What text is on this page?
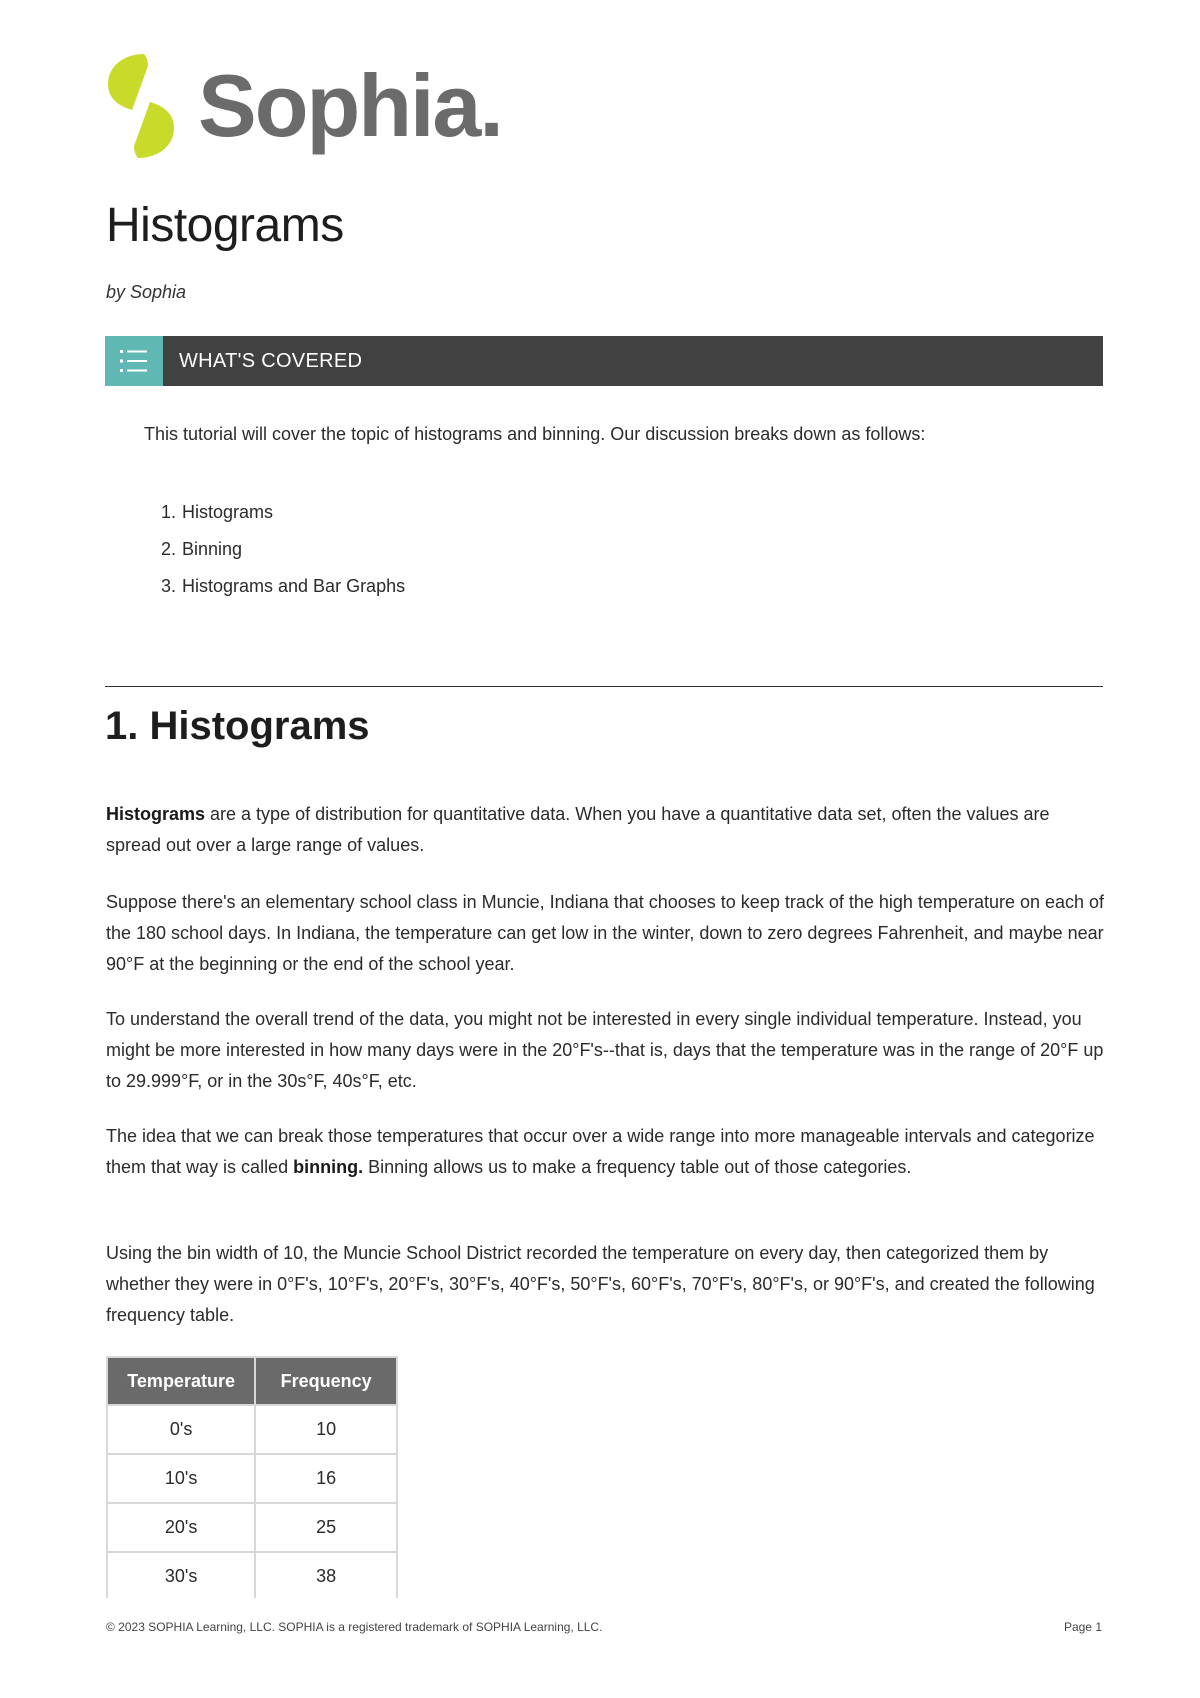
Sophia.
Histograms
by Sophia
WHAT'S COVERED
This tutorial will cover the topic of histograms and binning. Our discussion breaks down as follows:
1. Histograms
2. Binning
3. Histograms and Bar Graphs
1. Histograms

Histograms are a type of distribution for quantitative data. When you have a quantitative data set, often the values are spread out over a large range of values.

Suppose there's an elementary school class in Muncie, Indiana that chooses to keep track of the high temperature on each of the 180 school days. In Indiana, the temperature can get low in the winter, down to zero degrees Fahrenheit, and maybe near 90°F at the beginning or the end of the school year.

To understand the overall trend of the data, you might not be interested in every single individual temperature. Instead, you might be more interested in how many days were in the 20°F's--that is, days that the temperature was in the range of 20°F up to 29.999°F, or in the 30s°F, 40s°F, etc.

The idea that we can break those temperatures that occur over a wide range into more manageable intervals and categorize them that way is called binning. Binning allows us to make a frequency table out of those categories.

Using the bin width of 10, the Muncie School District recorded the temperature on every day, then categorized them by whether they were in 0°F's, 10°F's, 20°F's, 30°F's, 40°F's, 50°F's, 60°F's, 70°F's, 80°F's, or 90°F's, and created the following frequency table.

Temperature	Frequency
0's	10
10's	16
20's	25
30's	38

© 2023 SOPHIA Learning, LLC. SOPHIA is a registered trademark of SOPHIA Learning, LLC.	Page 1
